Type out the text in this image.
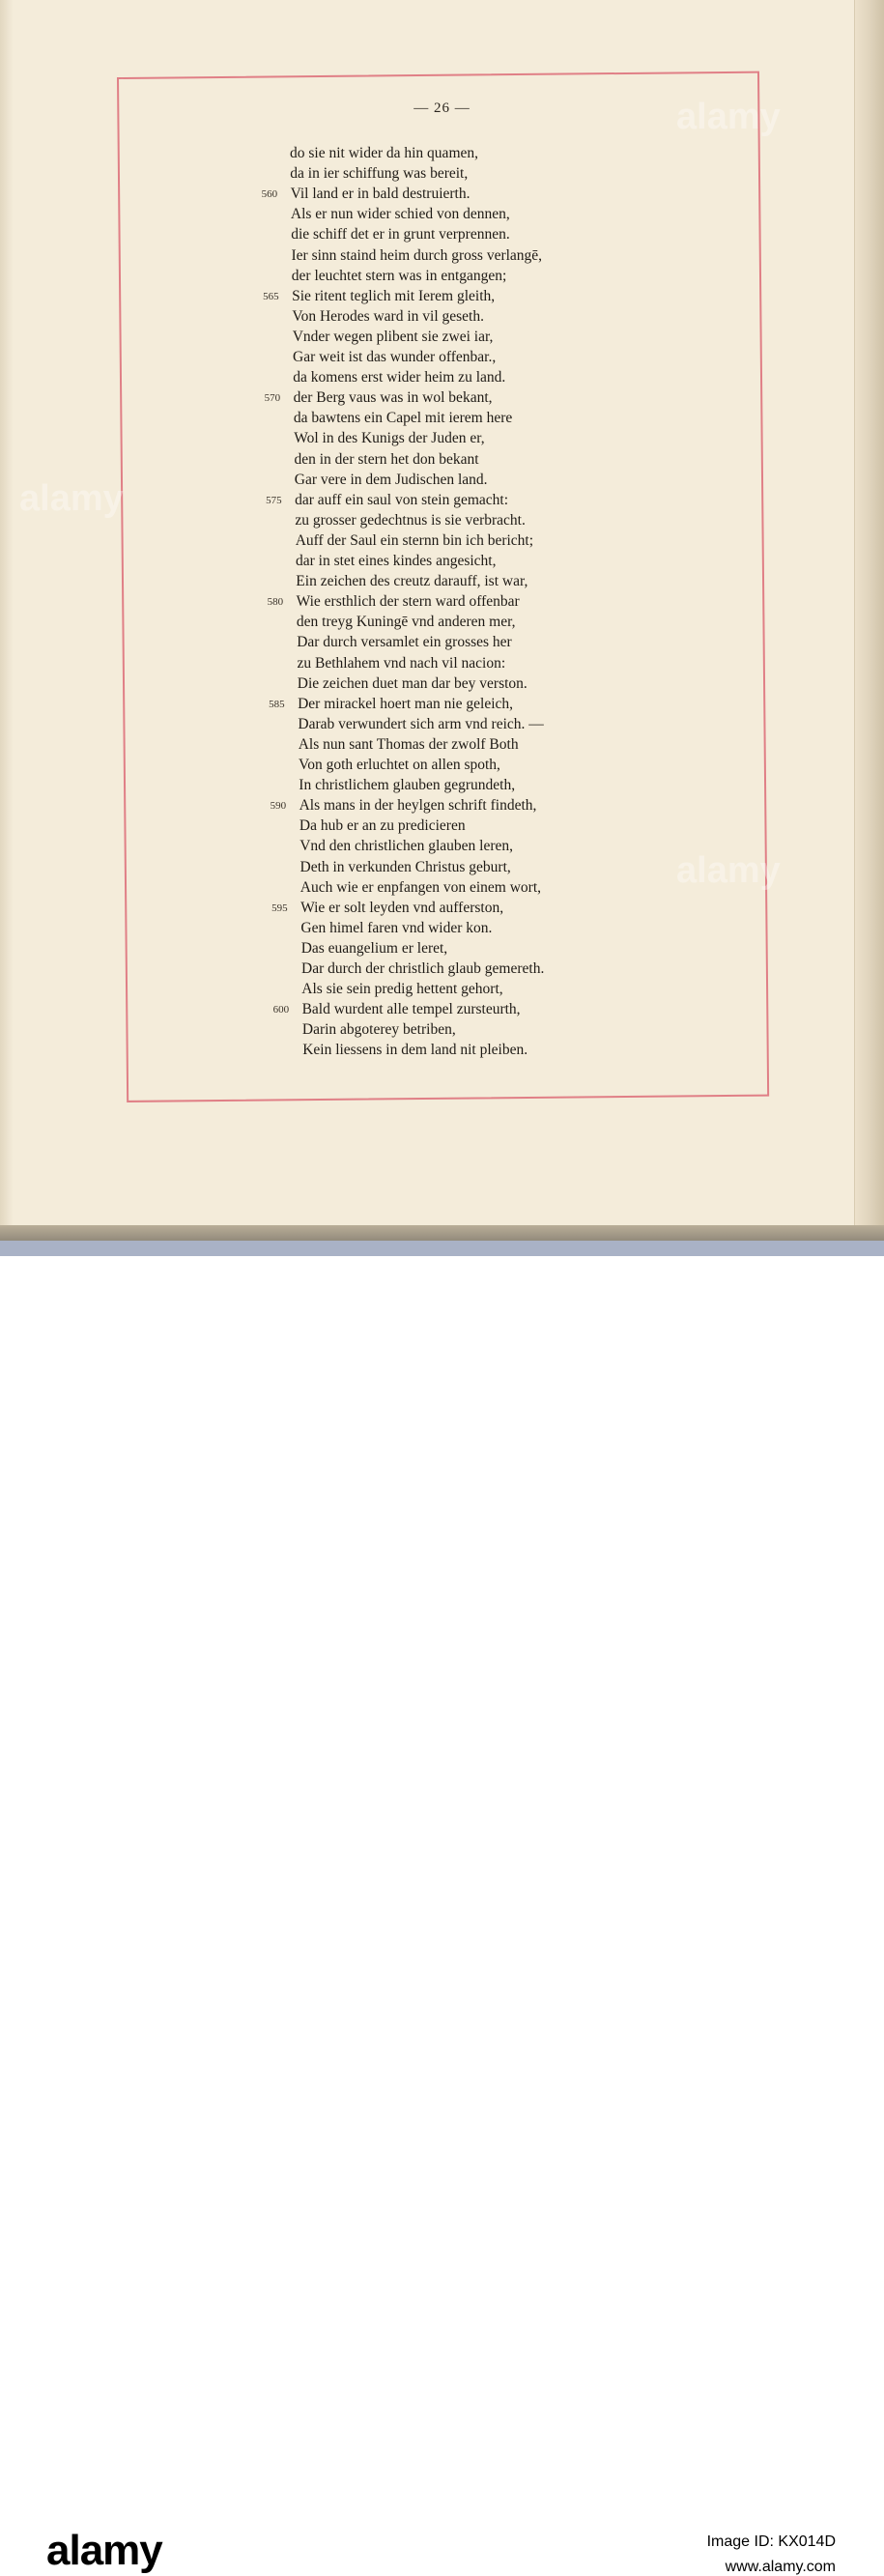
— 26 —
do sie nit wider da hin quamen,
da in ier schiffung was bereit,
Vil land er in bald destruierth.
Als er nun wider schied von dennen,
die schiff det er in grunt verprennen.
Ier sinn staind heim durch gross verlangē,
der leuchtet stern was in entgangen;
Sie ritent teglich mit Ierem gleith,
Von Herodes ward in vil geseth.
Vnder wegen plibent sie zwei iar,
Gar weit ist das wunder offenbar.,
da komens erst wider heim zu land.
der Berg vaus was in wol bekant,
da bawtens ein Capel mit ierem here
Wol in des Kunigs der Juden er,
den in der stern het don bekant
Gar vere in dem Judischen land.
dar auff ein saul von stein gemacht:
zu grosser gedechtnus is sie verbracht.
Auff der Saul ein sternn bin ich bericht;
dar in stet eines kindes angesicht,
Ein zeichen des creutz darauff, ist war,
Wie ersthlich der stern ward offenbar
den treyg Kuningē vnd anderen mer,
Dar durch versamlet ein grosses her
zu Bethlahem vnd nach vil nacion:
Die zeichen duet man dar bey verston.
Der mirackel hoert man nie geleich,
Darab verwundert sich arm vnd reich. —
Als nun sant Thomas der zwolf Both
Von goth erluchtet on allen spoth,
In christlichem glauben gegrundeth,
Als mans in der heylgen schrift findeth,
Da hub er an zu predicieren
Vnd den christlichen glauben leren,
Deth in verkunden Christus geburt,
Auch wie er enpfangen von einem wort,
Wie er solt leyden vnd aufferston,
Gen himel faren vnd wider kon.
Das euangelium er leret,
Dar durch der christlich glaub gemereth.
Als sie sein predig hettent gehort,
Bald wurdent alle tempel zursteurth,
Darin abgoterey betriben,
Kein liessens in dem land nit pleiben.
560
565
570
575
580
585
590
595
600
alamy
alamy
alamy
alamy	Image ID: KX014D
www.alamy.com
